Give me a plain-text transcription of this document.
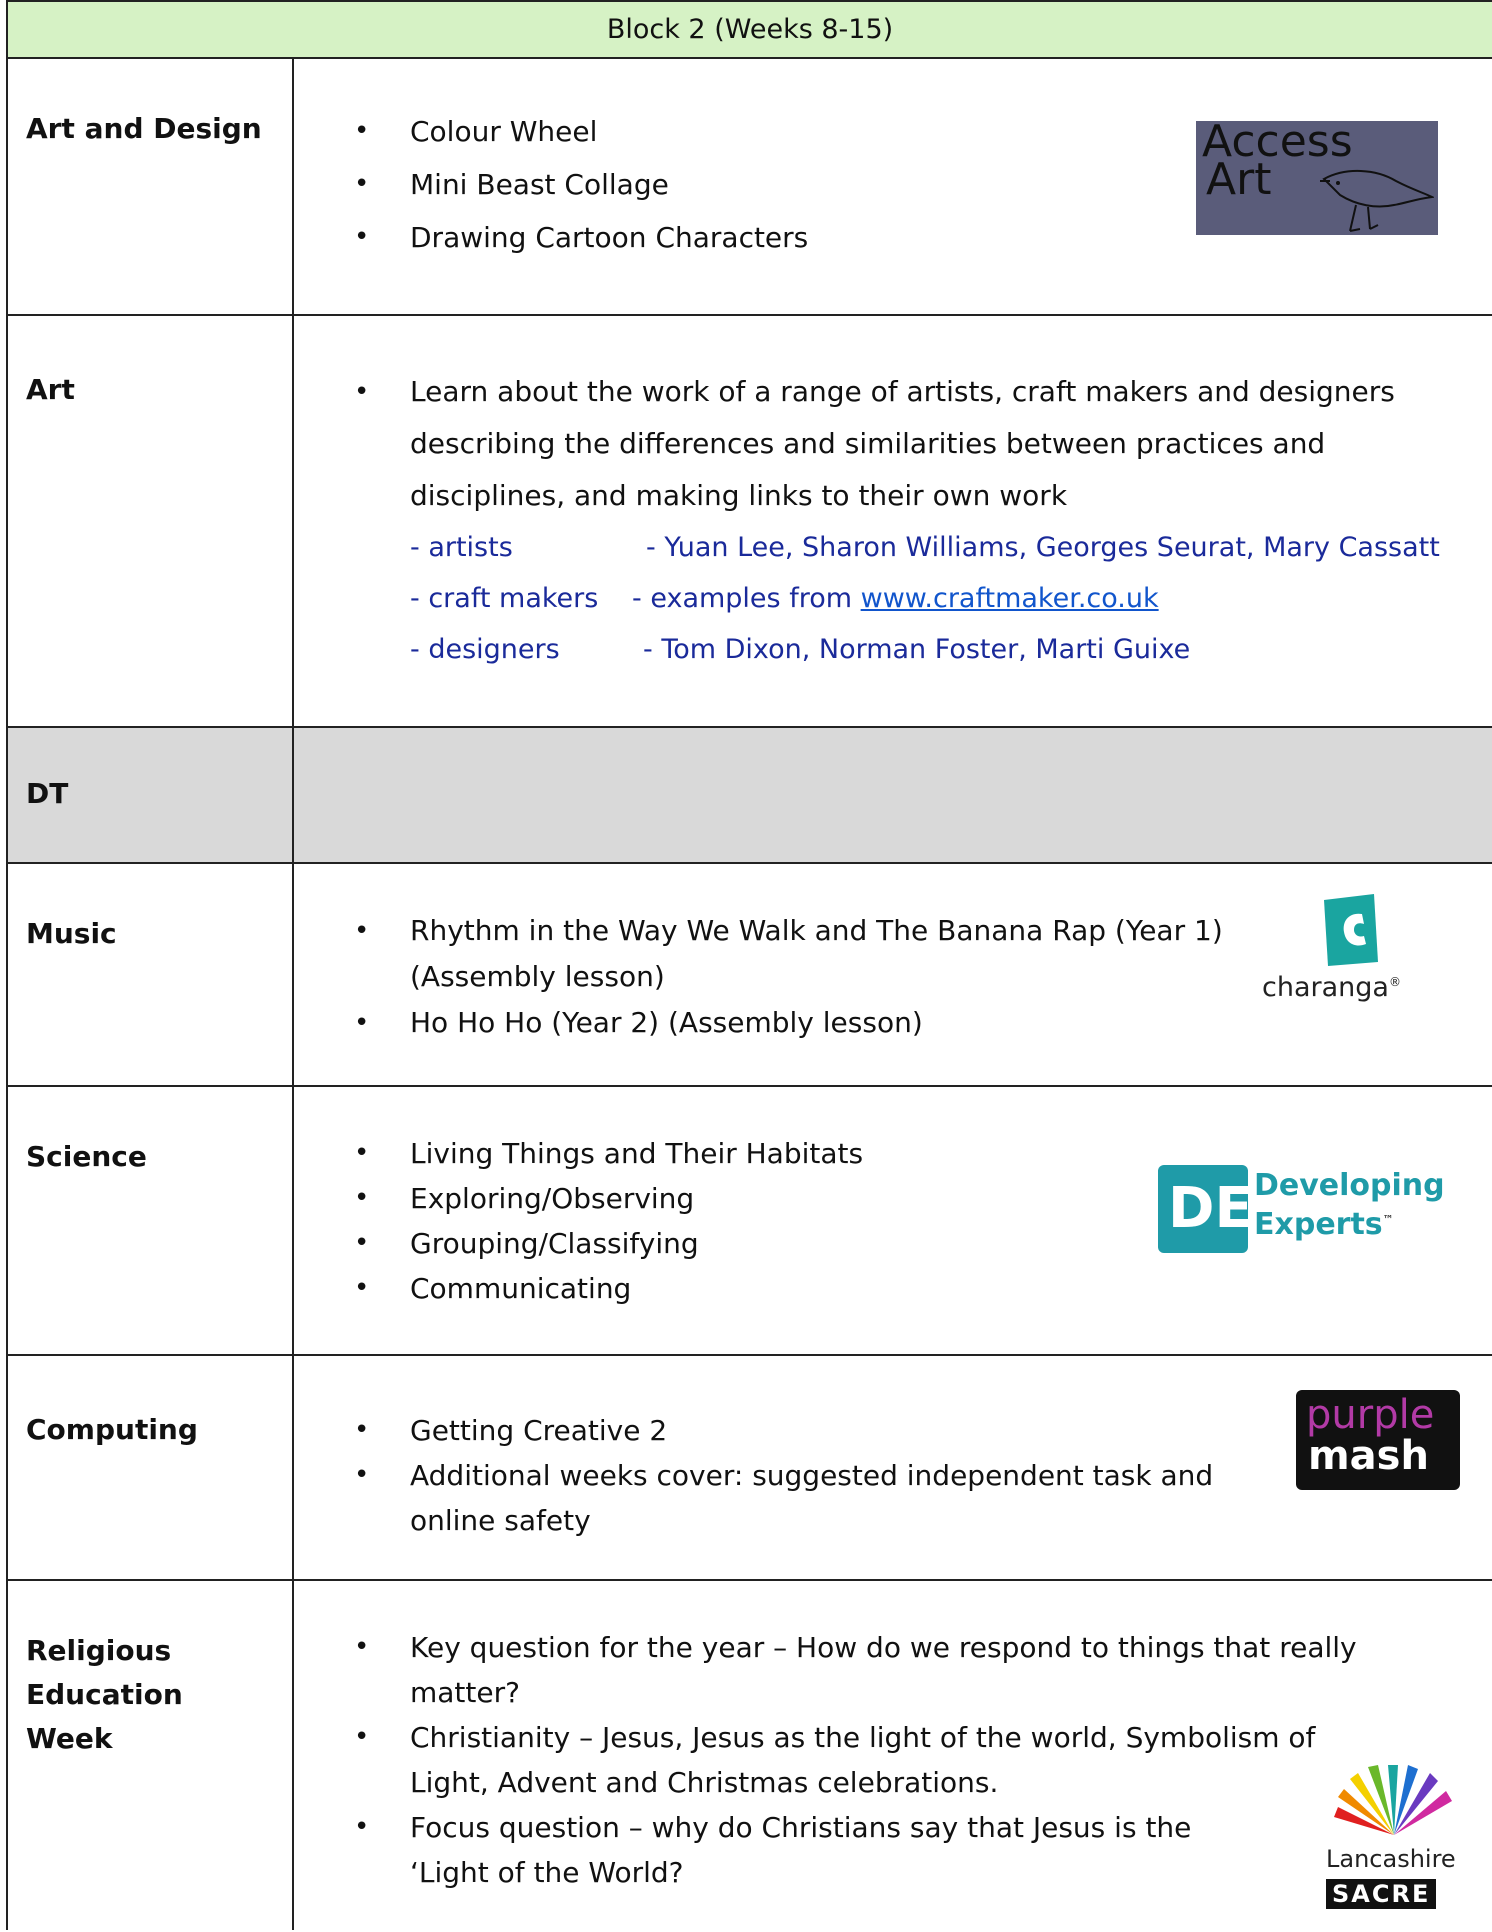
Block 2 (Weeks 8-15)
Art and Design	• Colour Wheel
• Mini Beast Collage
• Drawing Cartoon Characters
Access
Art
Art	• Learn about the work of a range of artists, craft makers and designers describing the differences and similarities between practices and disciplines, and making links to their own work
- artists	- Yuan Lee, Sharon Williams, Georges Seurat, Mary Cassatt
- craft makers - examples from www.craftmaker.co.uk
- designers	- Tom Dixon, Norman Foster, Marti Guixe
DT
Music	• Rhythm in the Way We Walk and The Banana Rap (Year 1) (Assembly lesson)
• Ho Ho Ho (Year 2) (Assembly lesson)
charanga®
Science	• Living Things and Their Habitats
• Exploring/Observing
• Grouping/Classifying
• Communicating
DE Developing
Experts™
Computing	• Getting Creative 2
• Additional weeks cover: suggested independent task and online safety
purple
mash
Religious Education Week
• Key question for the year – How do we respond to things that really matter?
• Christianity – Jesus, Jesus as the light of the world, Symbolism of Light, Advent and Christmas celebrations.
• Focus question – why do Christians say that Jesus is the ‘Light of the World?	Lancashire
SACRE
